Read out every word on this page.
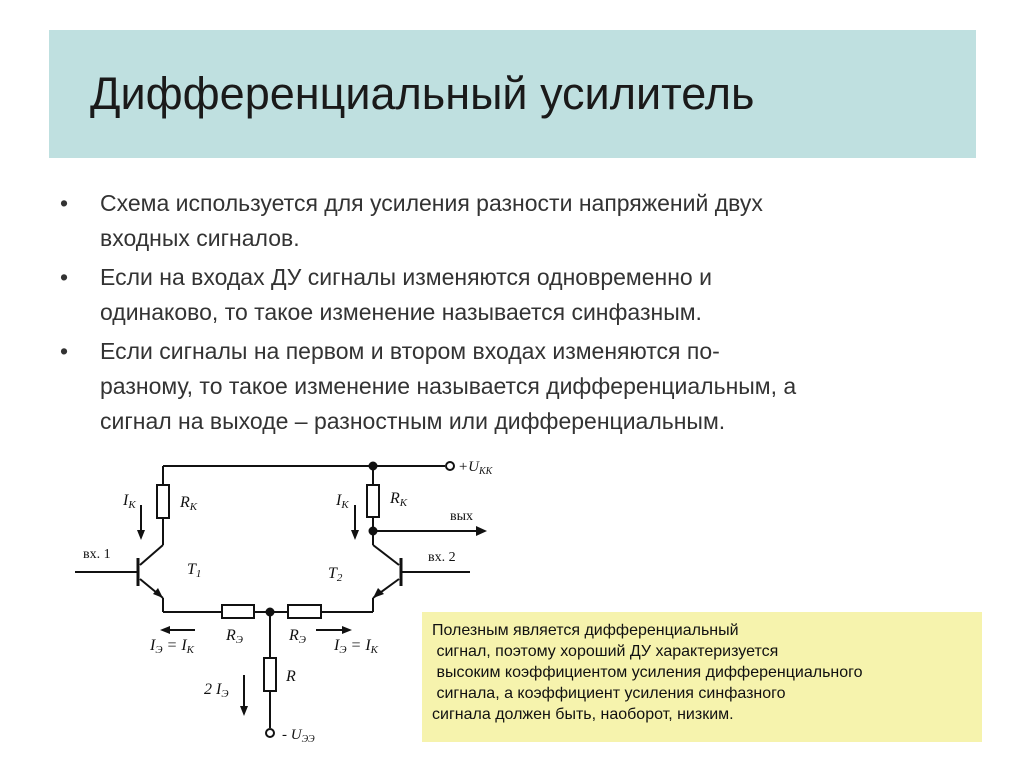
Дифференциальный усилитель
• Схема используется для усиления разности напряжений двух
входных сигналов.
• Если на входах ДУ сигналы изменяются одновременно и
одинаково, то такое изменение называется синфазным.
• Если сигналы на первом и втором входах изменяются по-
разному, то такое изменение называется дифференциальным, а
сигнал на выходе – разностным или дифференциальным.
IК	RК	IК	RК
$+U_{КК}$
вых
вх. 1	вх. 2
T1	T2
RЭ	RЭ
IЭ = IК	IЭ = IК
R
2 IЭ
- $U_{ЭЭ}$
Полезным является дифференциальный
сигнал, поэтому хороший ДУ характеризуется
высоким коэффициентом усиления дифференциального
сигнала, а коэффициент усиления синфазного
сигнала должен быть, наоборот, низким.
